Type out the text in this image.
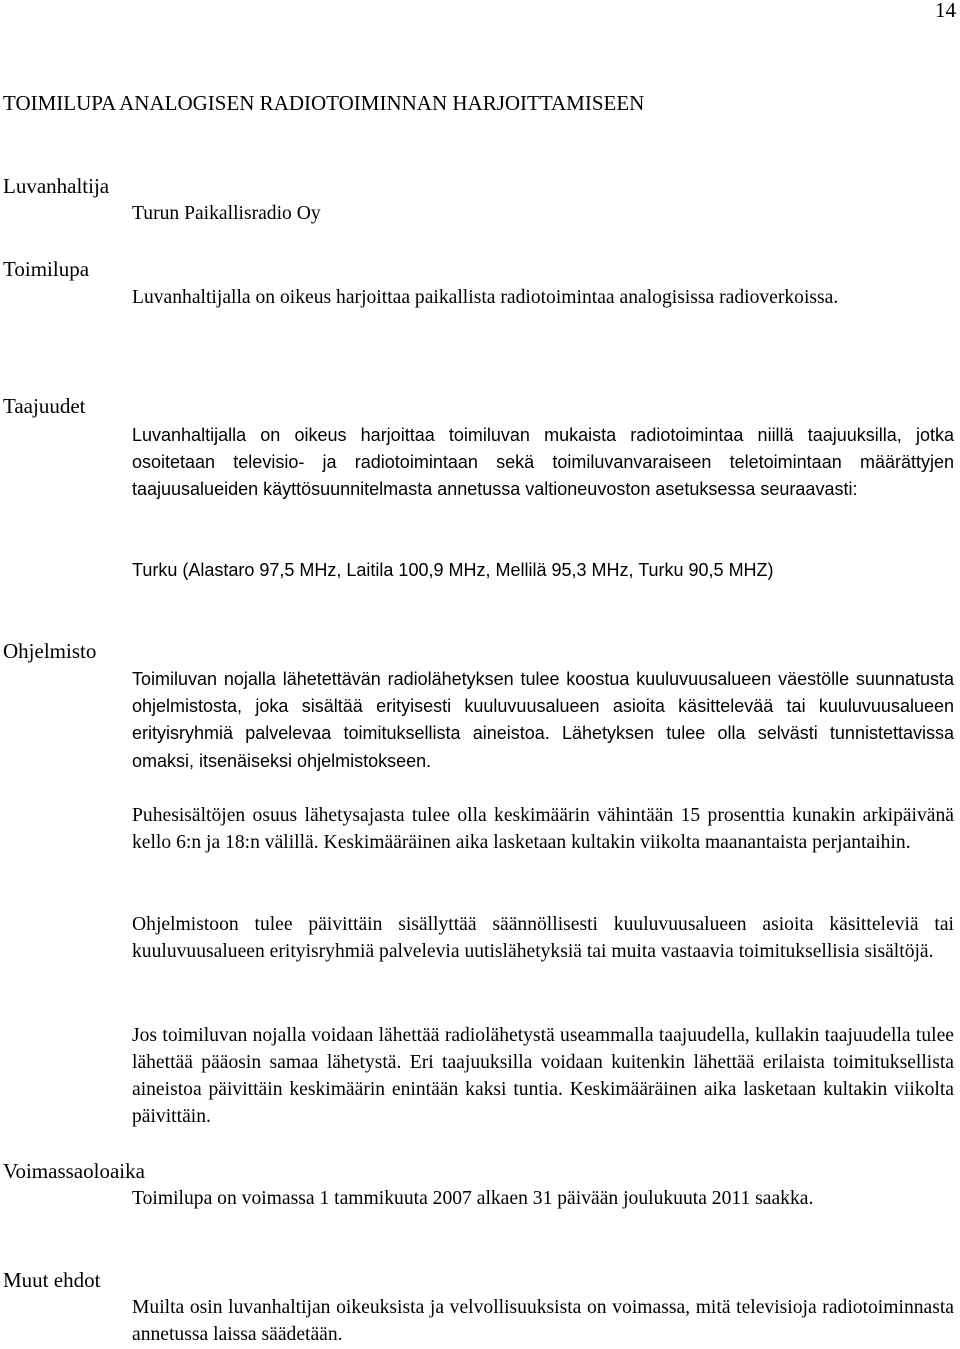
14
TOIMILUPA ANALOGISEN RADIOTOIMINNAN HARJOITTAMISEEN
Luvanhaltija

Turun Paikallisradio Oy

Toimilupa

Luvanhaltijalla on oikeus harjoittaa paikallista radiotoimintaa analogisissa radioverkoissa.

Taajuudet

Luvanhaltijalla on oikeus harjoittaa toimiluvan mukaista radiotoimintaa niillä taajuuksilla, jotka osoitetaan televisio- ja radiotoimintaan sekä toimiluvanvaraiseen teletoimintaan määrättyjen taajuusalueiden käyttösuunnitelmasta annetussa valtioneuvoston asetuksessa seuraavasti:

Turku (Alastaro 97,5 MHz, Laitila 100,9 MHz, Mellilä 95,3 MHz, Turku 90,5 MHZ)

Ohjelmisto

Toimiluvan nojalla lähetettävän radiolähetyksen tulee koostua kuuluvuusalueen väestölle suunnatusta ohjelmistosta, joka sisältää erityisesti kuuluvuusalueen asioita käsittelevää tai kuuluvuusalueen erityisryhmiä palvelevaa toimituksellista aineistoa. Lähetyksen tulee olla selvästi tunnistettavissa omaksi, itsenäiseksi ohjelmistokseen.

Puhesisältöjen osuus lähetysajasta tulee olla keskimäärin vähintään 15 prosenttia kunakin arkipäivänä kello 6:n ja 18:n välillä. Keskimääräinen aika lasketaan kultakin viikolta maanantaista perjantaihin.

Ohjelmistoon tulee päivittäin sisällyttää säännöllisesti kuuluvuusalueen asioita käsitteleviä tai kuuluvuusalueen erityisryhmiä palvelevia uutislähetyksiä tai muita vastaavia toimituksellisia sisältöjä.

Jos toimiluvan nojalla voidaan lähettää radiolähetystä useammalla taajuudella, kullakin taajuudella tulee lähettää pääosin samaa lähetystä. Eri taajuuksilla voidaan kuitenkin lähettää erilaista toimituksellista aineistoa päivittäin keskimäärin enintään kaksi tuntia. Keskimääräinen aika lasketaan kultakin viikolta päivittäin.

Voimassaoloaika

Toimilupa on voimassa 1 tammikuuta 2007 alkaen 31 päivään joulukuuta 2011 saakka.

Muut ehdot

Muilta osin luvanhaltijan oikeuksista ja velvollisuuksista on voimassa, mitä televisioja radiotoiminnasta annetussa laissa säädetään.
